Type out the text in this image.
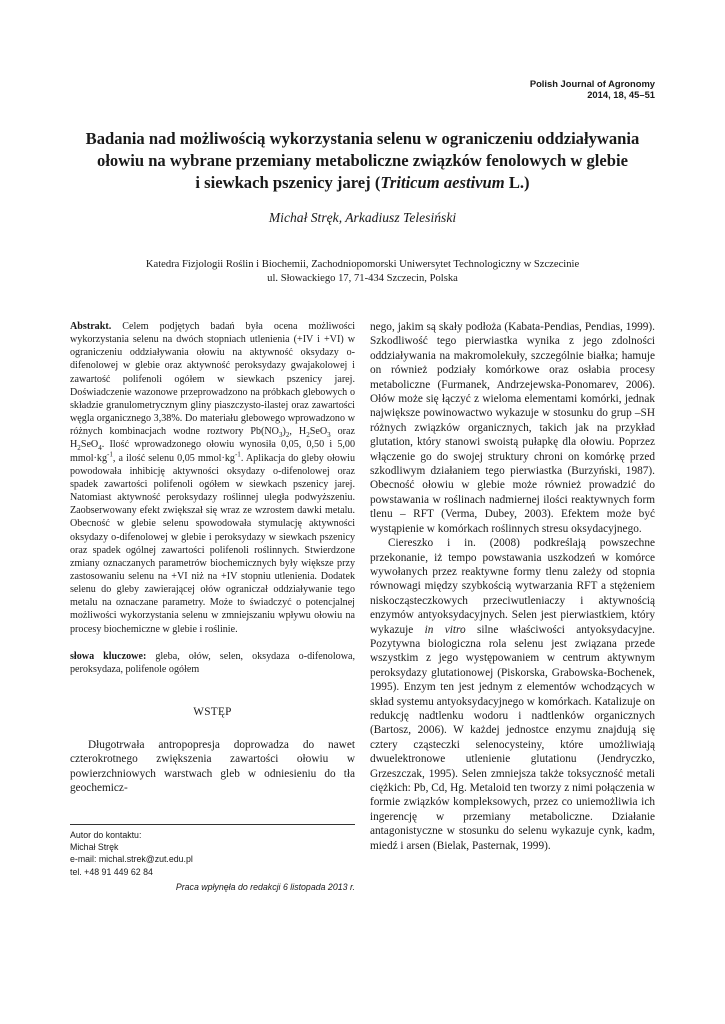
Polish Journal of Agronomy
2014, 18, 45–51
Badania nad możliwością wykorzystania selenu w ograniczeniu oddziaływania
ołowiu na wybrane przemiany metaboliczne związków fenolowych w glebie
i siewkach pszenicy jarej (Triticum aestivum L.)
Michał Stręk, Arkadiusz Telesiński
Katedra Fizjologii Roślin i Biochemii, Zachodniopomorski Uniwersytet Technologiczny w Szczecinie
ul. Słowackiego 17, 71-434 Szczecin, Polska

Abstrakt. Celem podjętych badań była ocena możliwości wykorzystania selenu na dwóch stopniach utlenienia (+IV i +VI) w ograniczeniu oddziaływania ołowiu na aktywność oksydazy o-difenolowej w glebie oraz aktywność peroksydazy gwajakolowej i zawartość polifenoli ogółem w siewkach pszenicy jarej. Doświadczenie wazonowe przeprowadzono na próbkach glebowych o składzie granulometrycznym gliny piaszczysto-ilastej oraz zawartości węgla organicznego 3,38%. Do materiału glebowego wprowadzono w różnych kombinacjach wodne roztwory $Pb(NO_3)_2$, $H_2SeO_3$ oraz $H_2SeO_4$. Ilość wprowadzonego ołowiu wynosiła 0,05, 0,50 i 5,00 $mmol\cdot kg^{-1}$, a ilość selenu 0,05 $mmol\cdot kg^{-1}$. Aplikacja do gleby ołowiu powodowała inhibicję aktywności oksydazy o-difenolowej oraz spadek zawartości polifenoli ogółem w siewkach pszenicy jarej. Natomiast aktywność peroksydazy roślinnej uległa podwyższeniu. Zaobserwowany efekt zwiększał się wraz ze wzrostem dawki metalu. Obecność w glebie selenu spowodowała stymulację aktywności oksydazy o-difenolowej w glebie i peroksydazy w siewkach pszenicy oraz spadek ogólnej zawartości polifenoli roślinnych. Stwierdzone zmiany oznaczanych parametrów biochemicznych były większe przy zastosowaniu selenu na +VI niż na +IV stopniu utlenienia. Dodatek selenu do gleby zawierającej ołów ograniczał oddziaływanie tego metalu na oznaczane parametry. Może to świadczyć o potencjalnej możliwości wykorzystania selenu w zmniejszaniu wpływu ołowiu na procesy biochemiczne w glebie i roślinie.

słowa kluczowe: gleba, ołów, selen, oksydaza o-difenolowa, peroksydaza, polifenole ogółem

WSTĘP

Długotrwała antropopresja doprowadza do nawet czterokrotnego zwiększenia zawartości ołowiu w powierzchniowych warstwach gleb w odniesieniu do tła geochemicz-

Autor do kontaktu:
Michał Stręk
e-mail: michal.strek@zut.edu.pl
tel. +48 91 449 62 84
Praca wpłynęła do redakcji 6 listopada 2013 r.

nego, jakim są skały podłoża (Kabata-Pendias, Pendias, 1999). Szkodliwość tego pierwiastka wynika z jego zdolności oddziaływania na makromolekuły, szczególnie białka; hamuje on również podziały komórkowe oraz osłabia procesy metaboliczne (Furmanek, Andrzejewska-Ponomarev, 2006). Ołów może się łączyć z wieloma elementami komórki, jednak największe powinowactwo wykazuje w stosunku do grup –SH różnych związków organicznych, takich jak na przykład glutation, który stanowi swoistą pułapkę dla ołowiu. Poprzez włączenie go do swojej struktury chroni on komórkę przed szkodliwym działaniem tego pierwiastka (Burzyński, 1987). Obecność ołowiu w glebie może również prowadzić do powstawania w roślinach nadmiernej ilości reaktywnych form tlenu – RFT (Verma, Dubey, 2003). Efektem może być wystąpienie w komórkach roślinnych stresu oksydacyjnego.

Ciereszko i in. (2008) podkreślają powszechne przekonanie, iż tempo powstawania uszkodzeń w komórce wywołanych przez reaktywne formy tlenu zależy od stopnia równowagi między szybkością wytwarzania RFT a stężeniem niskocząsteczkowych przeciwutleniaczy i aktywnością enzymów antyoksydacyjnych. Selen jest pierwiastkiem, który wykazuje in vitro silne właściwości antyoksydacyjne. Pozytywna biologiczna rola selenu jest związana przede wszystkim z jego występowaniem w centrum aktywnym peroksydazy glutationowej (Piskorska, Grabowska-Bochenek, 1995). Enzym ten jest jednym z elementów wchodzących w skład systemu antyoksydacyjnego w komórkach. Katalizuje on redukcję nadtlenku wodoru i nadtlenków organicznych (Bartosz, 2006). W każdej jednostce enzymu znajdują się cztery cząsteczki selenocysteiny, które umożliwiają dwuelektronowe utlenienie glutationu (Jendryczko, Grzeszczak, 1995). Selen zmniejsza także toksyczność metali ciężkich: Pb, Cd, Hg. Metaloid ten tworzy z nimi połączenia w formie związków kompleksowych, przez co uniemożliwia ich ingerencję w przemiany metaboliczne. Działanie antagonistyczne w stosunku do selenu wykazuje cynk, kadm, miedź i arsen (Bielak, Pasternak, 1999).
